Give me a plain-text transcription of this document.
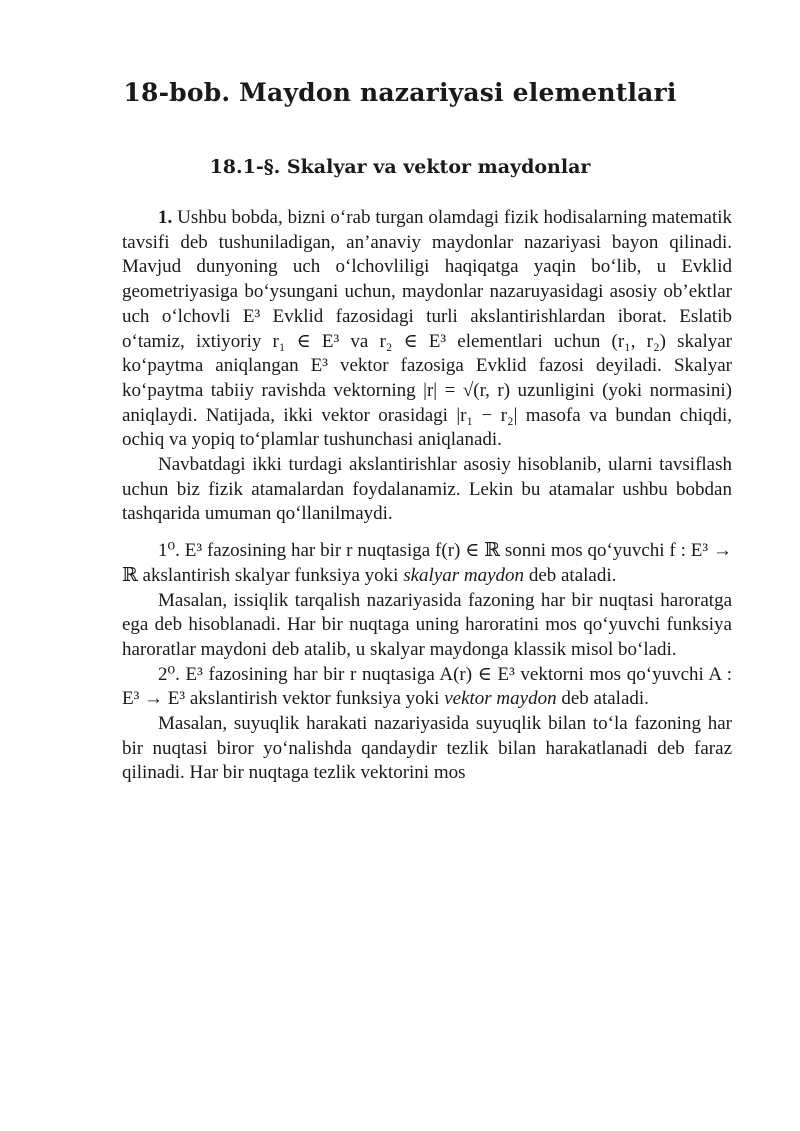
18-bob. Maydon nazariyasi elementlari
18.1-§. Skalyar va vektor maydonlar

1. Ushbu bobda, bizni o‘rab turgan olamdagi fizik hodisalarning matematik tavsifi deb tushuniladigan, an’anaviy maydonlar nazariyasi bayon qilinadi. Mavjud dunyoning uch o‘lchovliligi haqiqatga yaqin bo‘lib, u Evklid geometriyasiga bo‘ysungani uchun, maydonlar nazaruyasidagi asosiy ob’ektlar uch o‘lchovli E³ Evklid fazosidagi turli akslantirishlardan iborat. Eslatib o‘tamiz, ixtiyoriy r₁ ∈ E³ va r₂ ∈ E³ elementlari uchun (r₁, r₂) skalyar ko‘paytma aniqlangan E³ vektor fazosiga Evklid fazosi deyiladi. Skalyar ko‘paytma tabiiy ravishda vektorning |r| = √(r, r) uzunligini (yoki normasini) aniqlaydi. Natijada, ikki vektor orasidagi |r₁ − r₂| masofa va bundan chiqdi, ochiq va yopiq to‘plamlar tushunchasi aniqlanadi.

Navbatdagi ikki turdagi akslantirishlar asosiy hisoblanib, ularni tavsiflash uchun biz fizik atamalardan foydalanamiz. Lekin bu atamalar ushbu bobdan tashqarida umuman qo‘llanilmaydi.

1⁰. E³ fazosining har bir r nuqtasiga f(r) ∈ ℝ sonni mos qo‘yuvchi f : E³ → ℝ akslantirish skalyar funksiya yoki skalyar maydon deb ataladi.

Masalan, issiqlik tarqalish nazariyasida fazoning har bir nuqtasi haroratga ega deb hisoblanadi. Har bir nuqtaga uning haroratini mos qo‘yuvchi funksiya haroratlar maydoni deb atalib, u skalyar maydonga klassik misol bo‘ladi.

2⁰. E³ fazosining har bir r nuqtasiga A(r) ∈ E³ vektorni mos qo‘yuvchi A : E³ → E³ akslantirish vektor funksiya yoki vektor maydon deb ataladi.

Masalan, suyuqlik harakati nazariyasida suyuqlik bilan to‘la fazoning har bir nuqtasi biror yo‘nalishda qandaydir tezlik bilan harakatlanadi deb faraz qilinadi. Har bir nuqtaga tezlik vektorini mos
